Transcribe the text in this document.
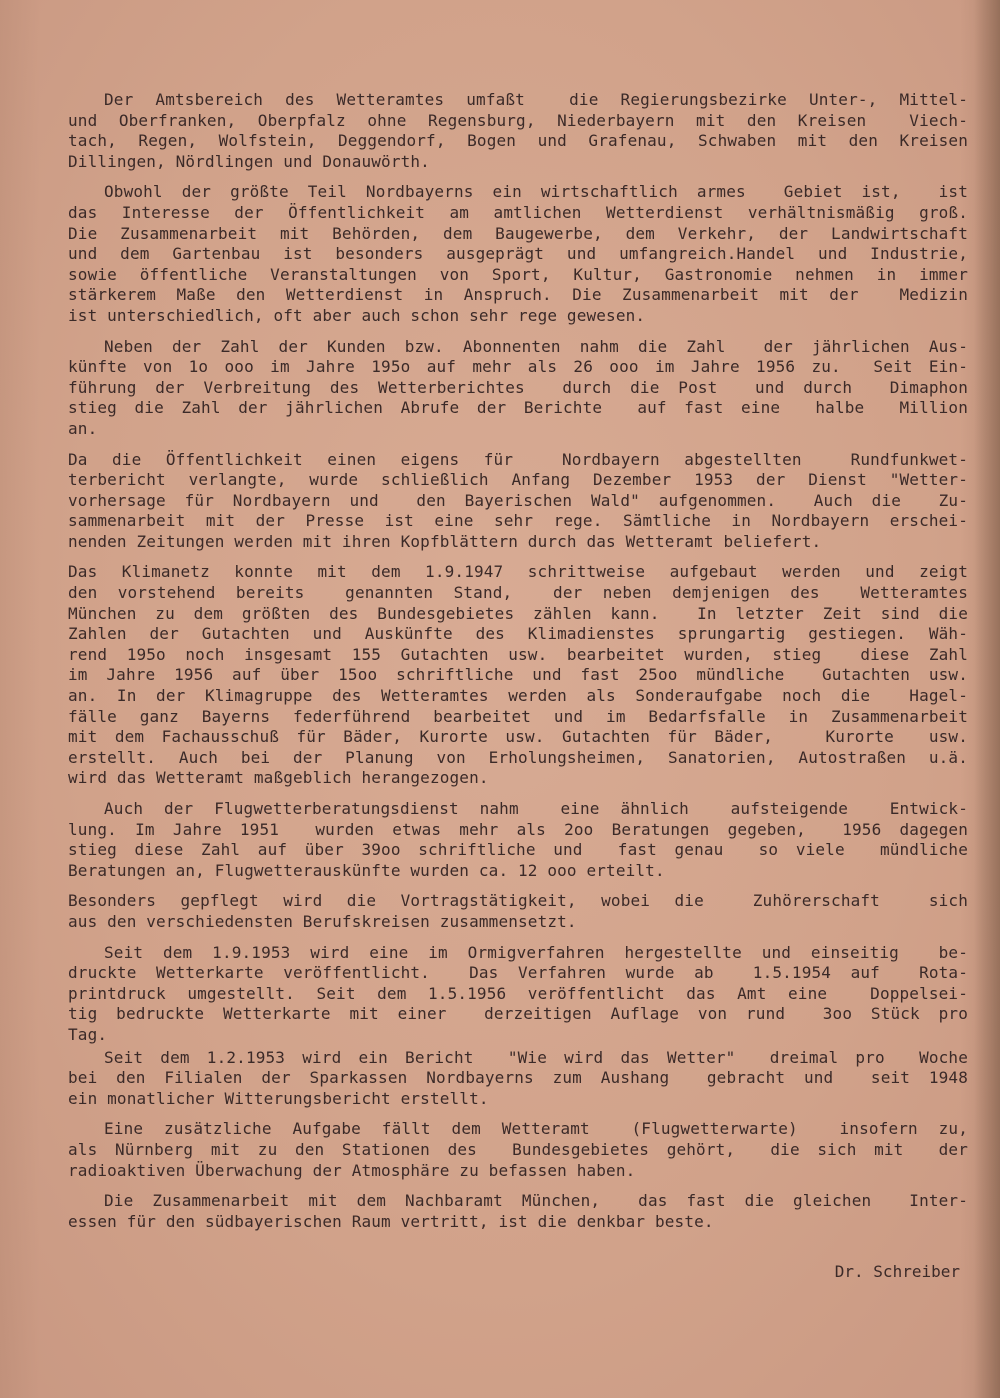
Der Amtsbereich des Wetteramtes umfaßt  die Regierungsbezirke Unter-, Mittel-
und Oberfranken, Oberpfalz ohne Regensburg, Niederbayern mit den Kreisen  Viech-
tach, Regen, Wolfstein, Deggendorf, Bogen und Grafenau, Schwaben mit den Kreisen
Dillingen, Nördlingen und Donauwörth.
Obwohl der größte Teil Nordbayerns ein wirtschaftlich armes  Gebiet ist,  ist
das Interesse der Öffentlichkeit am amtlichen Wetterdienst verhältnismäßig groß.
Die Zusammenarbeit mit Behörden, dem Baugewerbe, dem Verkehr, der Landwirtschaft
und dem Gartenbau ist besonders ausgeprägt und umfangreich.Handel und Industrie,
sowie öffentliche Veranstaltungen von Sport, Kultur, Gastronomie nehmen in immer
stärkerem Maße den Wetterdienst in Anspruch. Die Zusammenarbeit mit der  Medizin
ist unterschiedlich, oft aber auch schon sehr rege gewesen.
Neben der Zahl der Kunden bzw. Abonnenten nahm die Zahl  der jährlichen Aus-
künfte von 1o ooo im Jahre 195o auf mehr als 26 ooo im Jahre 1956 zu.  Seit Ein-
führung der Verbreitung des Wetterberichtes  durch die Post  und durch  Dimaphon
stieg die Zahl der jährlichen Abrufe der Berichte  auf fast eine  halbe  Million
an.
Da die Öffentlichkeit einen eigens für  Nordbayern abgestellten  Rundfunkwet-
terbericht verlangte, wurde schließlich Anfang Dezember 1953 der Dienst "Wetter-
vorhersage für Nordbayern und  den Bayerischen Wald" aufgenommen.  Auch die  Zu-
sammenarbeit mit der Presse ist eine sehr rege. Sämtliche in Nordbayern erschei-
nenden Zeitungen werden mit ihren Kopfblättern durch das Wetteramt beliefert.
Das Klimanetz konnte mit dem 1.9.1947 schrittweise aufgebaut werden und zeigt
den vorstehend bereits  genannten Stand,  der neben demjenigen des  Wetteramtes
München zu dem größten des Bundesgebietes zählen kann.  In letzter Zeit sind die
Zahlen der Gutachten und Auskünfte des Klimadienstes sprungartig gestiegen. Wäh-
rend 195o noch insgesamt 155 Gutachten usw. bearbeitet wurden, stieg  diese Zahl
im Jahre 1956 auf über 15oo schriftliche und fast 25oo mündliche  Gutachten usw.
an. In der Klimagruppe des Wetteramtes werden als Sonderaufgabe noch die  Hagel-
fälle ganz Bayerns federführend bearbeitet und im Bedarfsfalle in Zusammenarbeit
mit dem Fachausschuß für Bäder, Kurorte usw. Gutachten für Bäder,   Kurorte  usw.
erstellt. Auch bei der Planung von Erholungsheimen, Sanatorien, Autostraßen u.ä.
wird das Wetteramt maßgeblich herangezogen.
Auch der Flugwetterberatungsdienst nahm  eine ähnlich  aufsteigende  Entwick-
lung. Im Jahre 1951  wurden etwas mehr als 2oo Beratungen gegeben,  1956 dagegen
stieg diese Zahl auf über 39oo schriftliche und  fast genau  so viele  mündliche
Beratungen an, Flugwetterauskünfte wurden ca. 12 ooo erteilt.
Besonders gepflegt wird die Vortragstätigkeit, wobei die  Zuhörerschaft  sich
aus den verschiedensten Berufskreisen zusammensetzt.
Seit dem 1.9.1953 wird eine im Ormigverfahren hergestellte und einseitig  be-
druckte Wetterkarte veröffentlicht.  Das Verfahren wurde ab  1.5.1954 auf  Rota-
printdruck umgestellt. Seit dem 1.5.1956 veröffentlicht das Amt eine  Doppelsei-
tig bedruckte Wetterkarte mit einer  derzeitigen Auflage von rund  3oo Stück pro
Tag.
Seit dem 1.2.1953 wird ein Bericht  "Wie wird das Wetter"  dreimal pro  Woche
bei den Filialen der Sparkassen Nordbayerns zum Aushang  gebracht und  seit 1948
ein monatlicher Witterungsbericht erstellt.
Eine zusätzliche Aufgabe fällt dem Wetteramt  (Flugwetterwarte)  insofern zu,
als Nürnberg mit zu den Stationen des  Bundesgebietes gehört,  die sich mit  der
radioaktiven Überwachung der Atmosphäre zu befassen haben.
Die Zusammenarbeit mit dem Nachbaramt München,  das fast die gleichen  Inter-
essen für den südbayerischen Raum vertritt, ist die denkbar beste.
Dr. Schreiber
